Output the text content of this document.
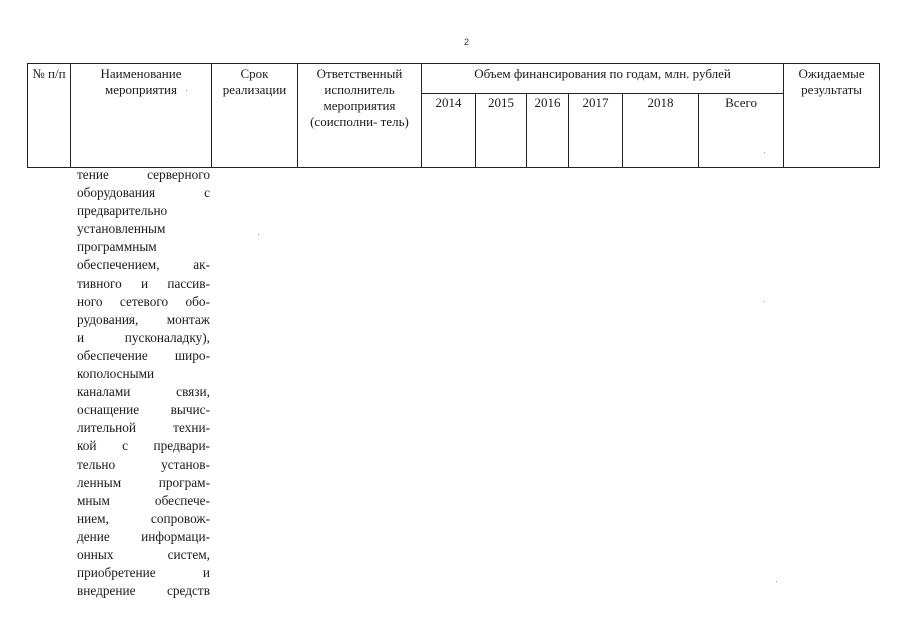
2
№ п/п	Наименование мероприятия	Срок реализации	Ответственный исполнитель мероприятия (соисполни- тель)	Объем финансирования по годам, млн. рублей						Ожидаемые результаты
				2014	2015	2016	2017	2018	Всего	
тение серверного
оборудования с
предварительно
установленным
программным
обеспечением, ак-
тивного и пассив-
ного сетевого обо-
рудования, монтаж
и пусконаладку),
обеспечение широ-
кополосными
каналами связи,
оснащение вычис-
лительной техни-
кой с предвари-
тельно установ-
ленным програм-
мным обеспече-
нием, сопровож-
дение информаци-
онных систем,
приобретение и
внедрение средств
